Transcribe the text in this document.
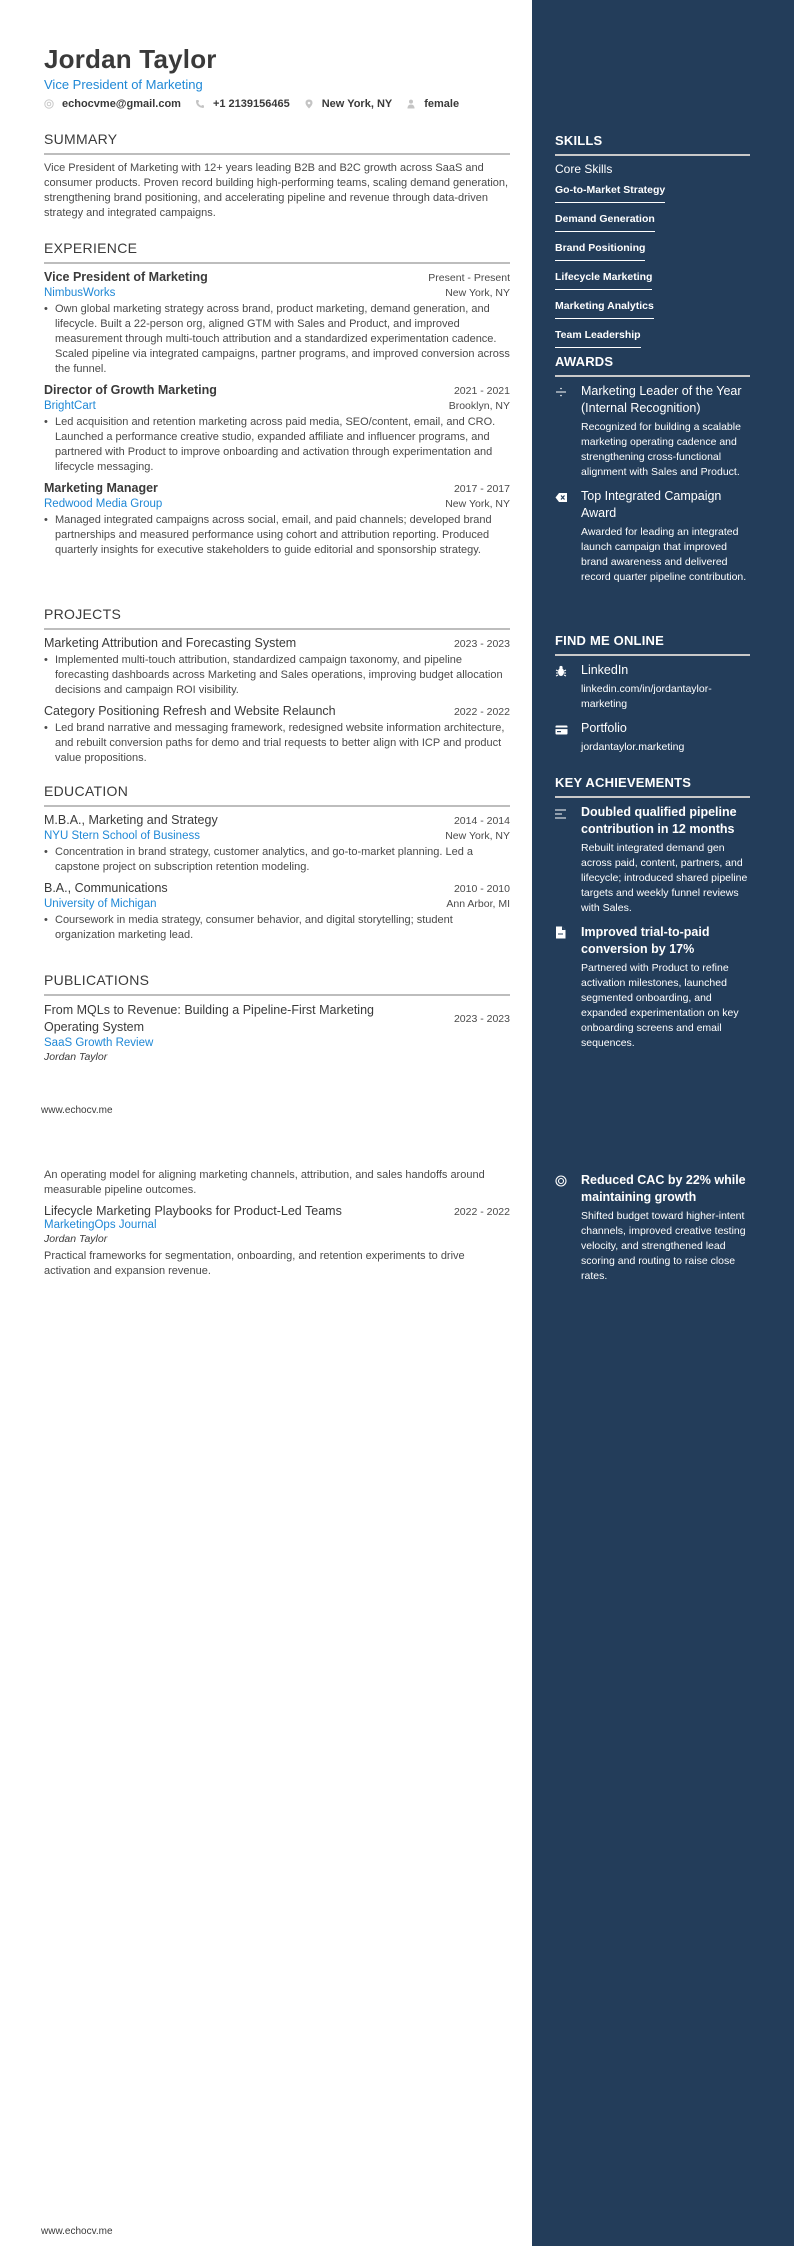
Jordan Taylor
Vice President of Marketing
echocvme@gmail.com	+1 2139156465	New York, NY	female
SUMMARY
Vice President of Marketing with 12+ years leading B2B and B2C growth across SaaS and consumer products. Proven record building high-performing teams, scaling demand generation, strengthening brand positioning, and accelerating pipeline and revenue through data-driven strategy and integrated campaigns.
EXPERIENCE
Vice President of Marketing	Present - Present
NimbusWorks	New York, NY
• Own global marketing strategy across brand, product marketing, demand generation, and lifecycle. Built a 22-person org, aligned GTM with Sales and Product, and improved measurement through multi-touch attribution and a standardized experimentation cadence. Scaled pipeline via integrated campaigns, partner programs, and improved conversion across the funnel.
Director of Growth Marketing	2021 - 2021
BrightCart	Brooklyn, NY
• Led acquisition and retention marketing across paid media, SEO/content, email, and CRO. Launched a performance creative studio, expanded affiliate and influencer programs, and partnered with Product to improve onboarding and activation through experimentation and lifecycle messaging.
Marketing Manager	2017 - 2017
Redwood Media Group	New York, NY
• Managed integrated campaigns across social, email, and paid channels; developed brand partnerships and measured performance using cohort and attribution reporting. Produced quarterly insights for executive stakeholders to guide editorial and sponsorship strategy.
PROJECTS
Marketing Attribution and Forecasting System	2023 - 2023
• Implemented multi-touch attribution, standardized campaign taxonomy, and pipeline forecasting dashboards across Marketing and Sales operations, improving budget allocation decisions and campaign ROI visibility.
Category Positioning Refresh and Website Relaunch	2022 - 2022
• Led brand narrative and messaging framework, redesigned website information architecture, and rebuilt conversion paths for demo and trial requests to better align with ICP and product value propositions.
EDUCATION
M.B.A., Marketing and Strategy	2014 - 2014
NYU Stern School of Business	New York, NY
• Concentration in brand strategy, customer analytics, and go-to-market planning. Led a capstone project on subscription retention modeling.
B.A., Communications	2010 - 2010
University of Michigan	Ann Arbor, MI
• Coursework in media strategy, consumer behavior, and digital storytelling; student organization marketing lead.
PUBLICATIONS
From MQLs to Revenue: Building a Pipeline-First Marketing Operating System
2023 - 2023
SaaS Growth Review
Jordan Taylor
www.echocv.me
An operating model for aligning marketing channels, attribution, and sales handoffs around measurable pipeline outcomes.
Lifecycle Marketing Playbooks for Product-Led Teams	2022 - 2022
MarketingOps Journal
Jordan Taylor
Practical frameworks for segmentation, onboarding, and retention experiments to drive activation and expansion revenue.
www.echocv.me
SKILLS
Core Skills
Go-to-Market Strategy
Demand Generation
Brand Positioning
Lifecycle Marketing
Marketing Analytics
Team Leadership
AWARDS
Marketing Leader of the Year (Internal Recognition)
Recognized for building a scalable marketing operating cadence and strengthening cross-functional alignment with Sales and Product.
Top Integrated Campaign Award
Awarded for leading an integrated launch campaign that improved brand awareness and delivered record quarter pipeline contribution.
FIND ME ONLINE
LinkedIn
linkedin.com/in/jordantaylor-marketing
Portfolio
jordantaylor.marketing
KEY ACHIEVEMENTS
Doubled qualified pipeline contribution in 12 months
Rebuilt integrated demand gen across paid, content, partners, and lifecycle; introduced shared pipeline targets and weekly funnel reviews with Sales.
Improved trial-to-paid conversion by 17%
Partnered with Product to refine activation milestones, launched segmented onboarding, and expanded experimentation on key onboarding screens and email sequences.
Reduced CAC by 22% while maintaining growth
Shifted budget toward higher-intent channels, improved creative testing velocity, and strengthened lead scoring and routing to raise close rates.
